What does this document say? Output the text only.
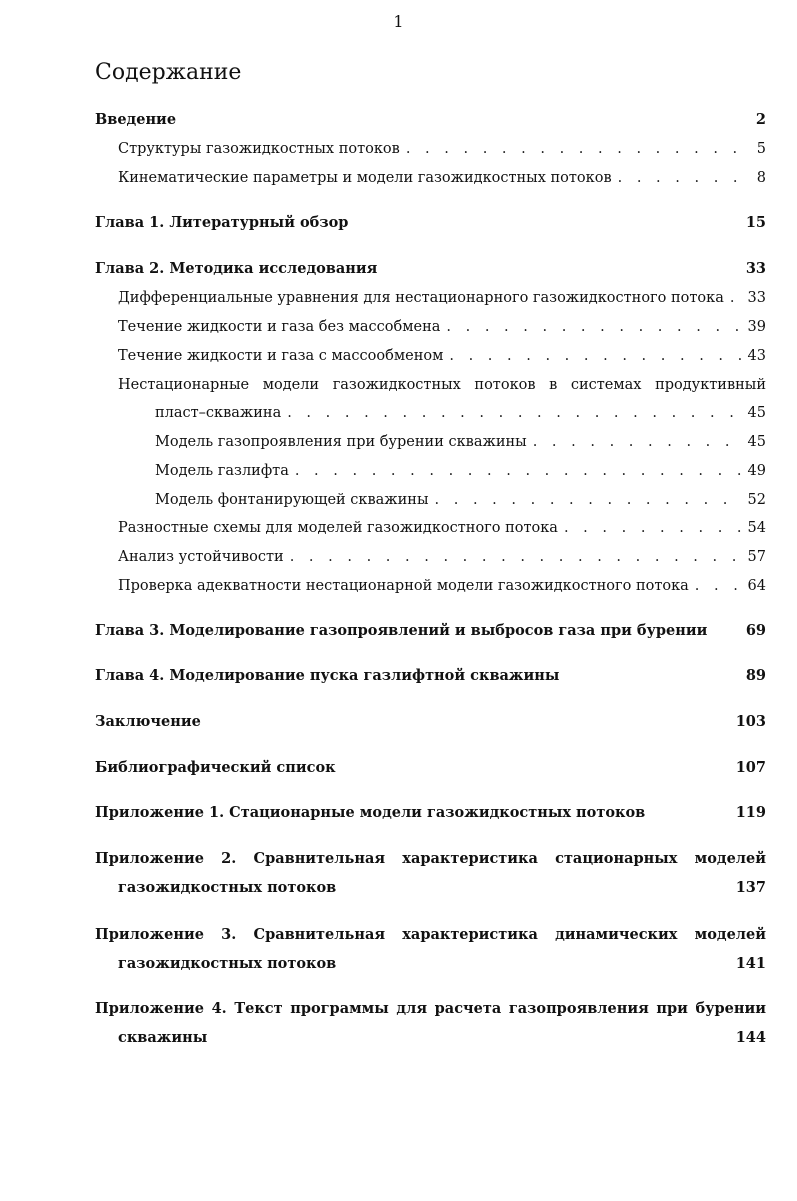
1
Содержание
Введение	2
Структуры газожидкостных потоков . . .	5
Кинематические параметры и модели газожидкостных потоков . . .	8
Глава 1. Литературный обзор	15
Глава 2. Методика исследования	33
Дифференциальные уравнения для нестационарного газожидкостного потока . . . 33
Течение жидкости и газа без массобмена . . .	39
Течение жидкости и газа с массообменом . . .	43
Нестационарные модели газожидкостных потоков в системах продуктивный
пласт–скважина . . .	45
Модель газопроявления при бурении скважины . . .	45
Модель газлифта . . .	49
Модель фонтанирующей скважины . . .	52
Разностные схемы для моделей газожидкостного потока . . .	54
Анализ устойчивости . . .	57
Проверка адекватности нестационарной модели газожидкостного потока . . .	64
Глава 3. Моделирование газопроявлений и выбросов газа при бурении	69
Глава 4. Моделирование пуска газлифтной скважины	89
Заключение	103
Библиографический список	107
Приложение 1. Стационарные модели газожидкостных потоков	119
Приложение 2. Сравнительная характеристика стационарных моделей
газожидкостных потоков	137
Приложение 3. Сравнительная характеристика динамических моделей
газожидкостных потоков	141
Приложение 4. Текст программы для расчета газопроявления при бурении
скважины	144
